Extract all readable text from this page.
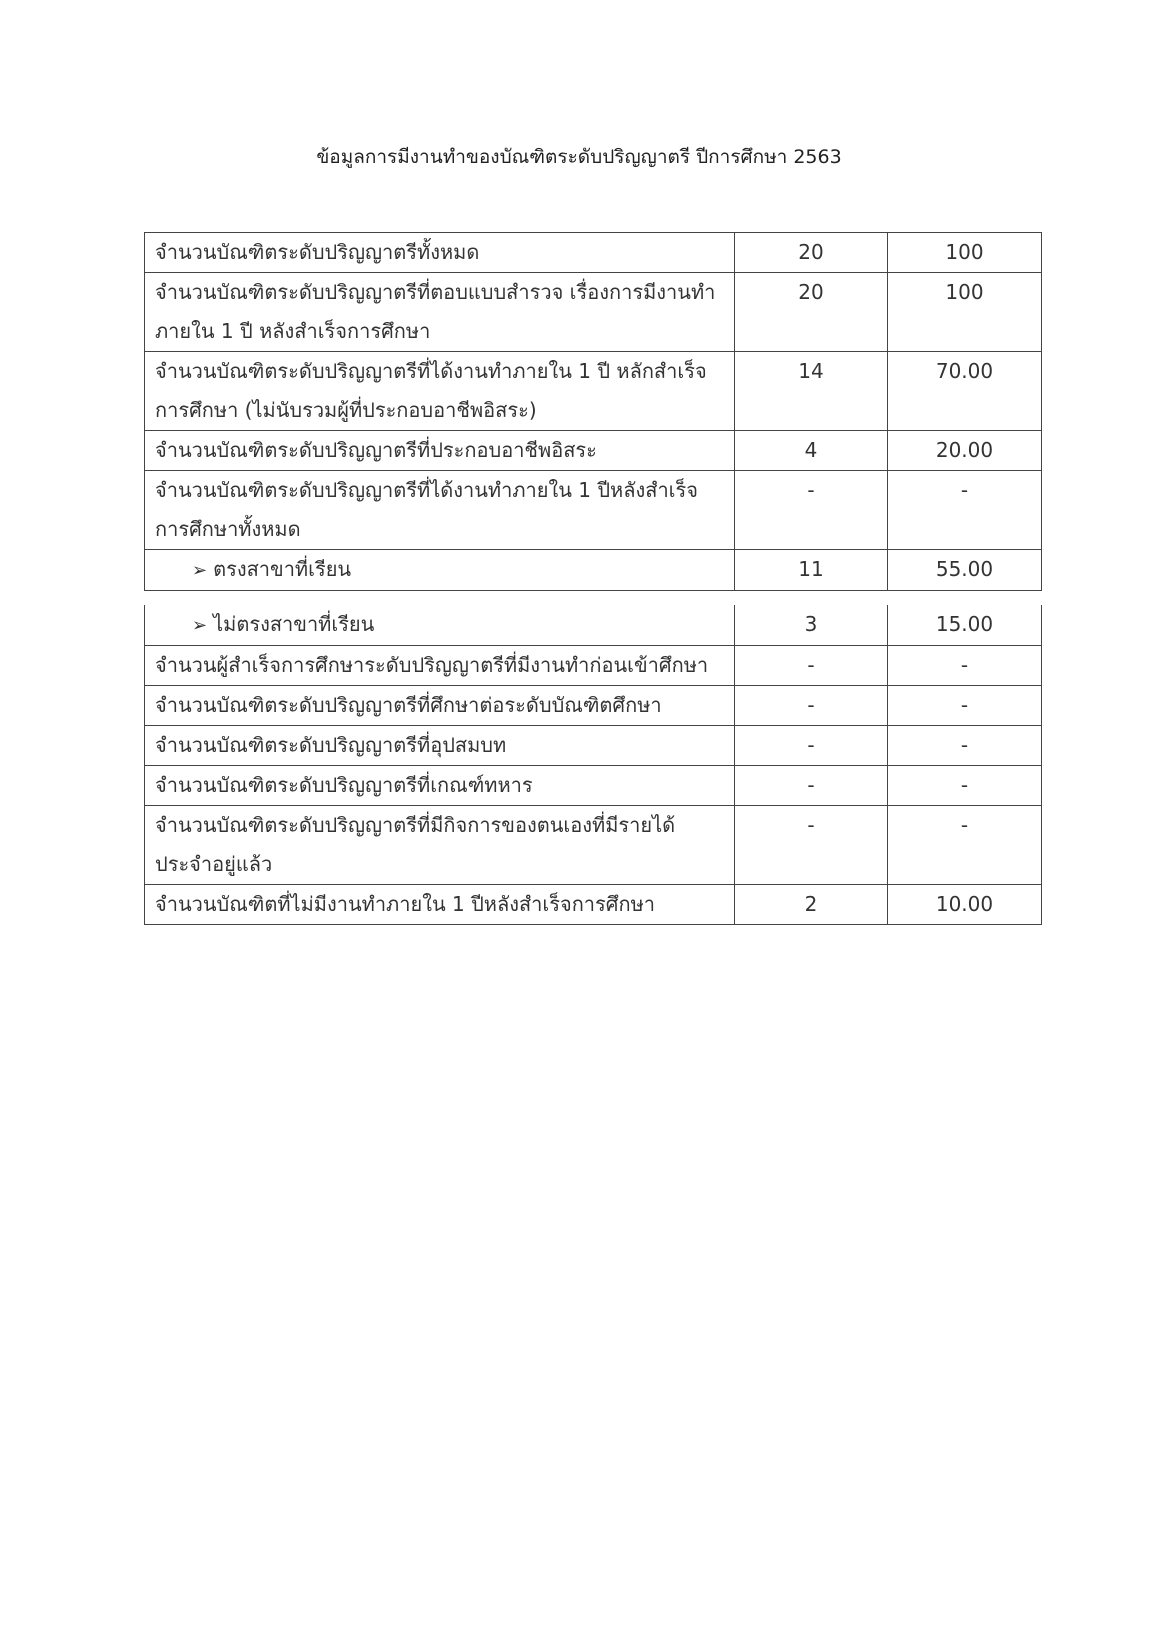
ข้อมูลการมีงานทำของบัณฑิตระดับปริญญาตรี ปีการศึกษา 2563
จำนวนบัณฑิตระดับปริญญาตรีทั้งหมด	20	100
จำนวนบัณฑิตระดับปริญญาตรีที่ตอบแบบสำรวจ เรื่องการมีงานทำภายใน 1 ปี หลังสำเร็จการศึกษา	20	100
จำนวนบัณฑิตระดับปริญญาตรีที่ได้งานทำภายใน 1 ปี หลักสำเร็จการศึกษา (ไม่นับรวมผู้ที่ประกอบอาชีพอิสระ)	14	70.00
จำนวนบัณฑิตระดับปริญญาตรีที่ประกอบอาชีพอิสระ	4	20.00
จำนวนบัณฑิตระดับปริญญาตรีที่ได้งานทำภายใน 1 ปีหลังสำเร็จการศึกษาทั้งหมด	-	-

➢ ตรงสาขาที่เรียน	11	55.00
➢ ไม่ตรงสาขาที่เรียน	3	15.00
จำนวนผู้สำเร็จการศึกษาระดับปริญญาตรีที่มีงานทำก่อนเข้าศึกษา	-	-
จำนวนบัณฑิตระดับปริญญาตรีที่ศึกษาต่อระดับบัณฑิตศึกษา	-	-
จำนวนบัณฑิตระดับปริญญาตรีที่อุปสมบท	-	-
จำนวนบัณฑิตระดับปริญญาตรีที่เกณฑ์ทหาร	-	-
จำนวนบัณฑิตระดับปริญญาตรีที่มีกิจการของตนเองที่มีรายได้ประจำอยู่แล้ว	-	-
จำนวนบัณฑิตที่ไม่มีงานทำภายใน 1 ปีหลังสำเร็จการศึกษา	2	10.00
